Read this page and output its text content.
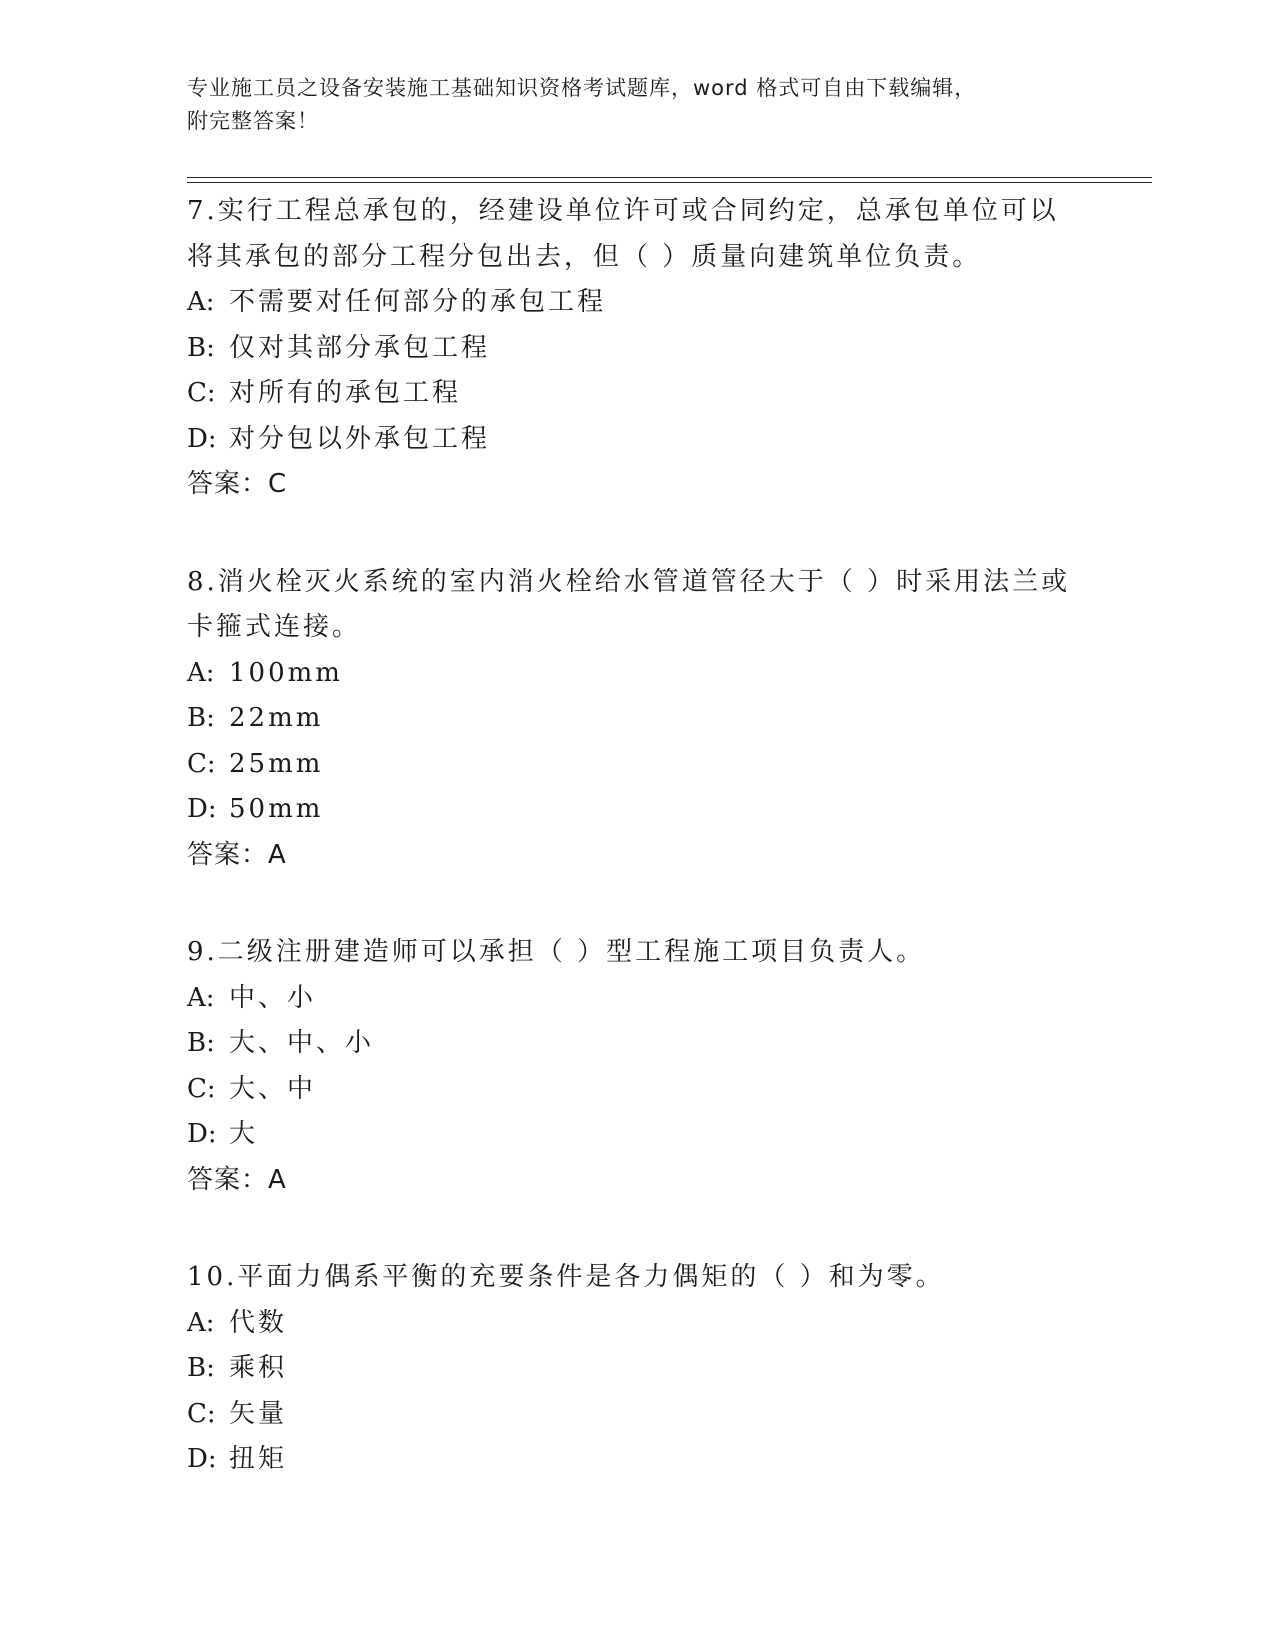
专业施工员之设备安装施工基础知识资格考试题库，word 格式可自由下载编辑，
附完整答案！
7.实行工程总承包的，经建设单位许可或合同约定，总承包单位可以将其承包的部分工程分包出去，但（ ）质量向建筑单位负责。
A: 不需要对任何部分的承包工程
B: 仅对其部分承包工程
C: 对所有的承包工程
D: 对分包以外承包工程
答案：C
8.消火栓灭火系统的室内消火栓给水管道管径大于（ ）时采用法兰或卡箍式连接。
A: 100mm
B: 22mm
C: 25mm
D: 50mm
答案：A
9.二级注册建造师可以承担（ ）型工程施工项目负责人。
A: 中、小
B: 大、中、小
C: 大、中
D: 大
答案：A
10.平面力偶系平衡的充要条件是各力偶矩的（ ）和为零。
A: 代数
B: 乘积
C: 矢量
D: 扭矩
